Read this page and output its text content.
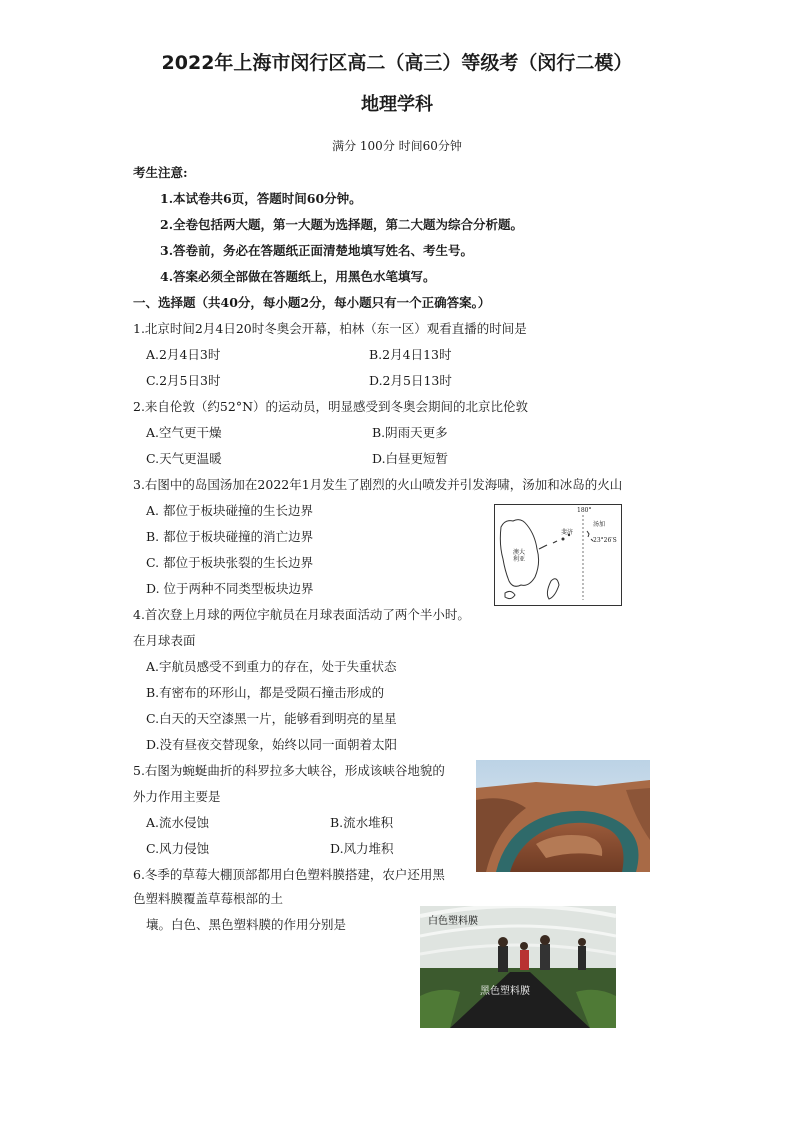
2022年上海市闵行区高二（高三）等级考（闵行二模）
地理学科
满分 100分 时间60分钟
考生注意:
1.本试卷共6页，答题时间60分钟。
2.全卷包括两大题，第一大题为选择题，第二大题为综合分析题。
3.答卷前，务必在答题纸正面清楚地填写姓名、考生号。
4.答案必须全部做在答题纸上，用黑色水笔填写。
一、选择题（共40分，每小题2分，每小题只有一个正确答案。）
1.北京时间2月4日20时冬奥会开幕，柏林（东一区）观看直播的时间是
A.2月4日3时	B.2月4日13时
C.2月5日3时	D.2月5日13时
2.来自伦敦（约52°N）的运动员，明显感受到冬奥会期间的北京比伦敦
A.空气更干燥	B.阴雨天更多
C.天气更温暖	D.白昼更短暂
3.右图中的岛国汤加在2022年1月发生了剧烈的火山喷发并引发海啸，汤加和冰岛的火山
A. 都位于板块碰撞的生长边界
B. 都位于板块碰撞的消亡边界
C. 都位于板块张裂的生长边界
D. 位于两种不同类型板块边界
180°
23°26′S
汤加
斐济
澳大利亚
4.首次登上月球的两位宇航员在月球表面活动了两个半小时。
在月球表面
A.宇航员感受不到重力的存在，处于失重状态
B.有密布的环形山，都是受陨石撞击形成的
C.白天的天空漆黑一片，能够看到明亮的星星
D.没有昼夜交替现象，始终以同一面朝着太阳
5.右图为蜿蜒曲折的科罗拉多大峡谷，形成该峡谷地貌的
外力作用主要是
A.流水侵蚀	B.流水堆积
C.风力侵蚀	D.风力堆积
6.冬季的草莓大棚顶部都用白色塑料膜搭建，农户还用黑
色塑料膜覆盖草莓根部的土
壤。白色、黑色塑料膜的作用分别是	白色塑料膜
黑色塑料膜
